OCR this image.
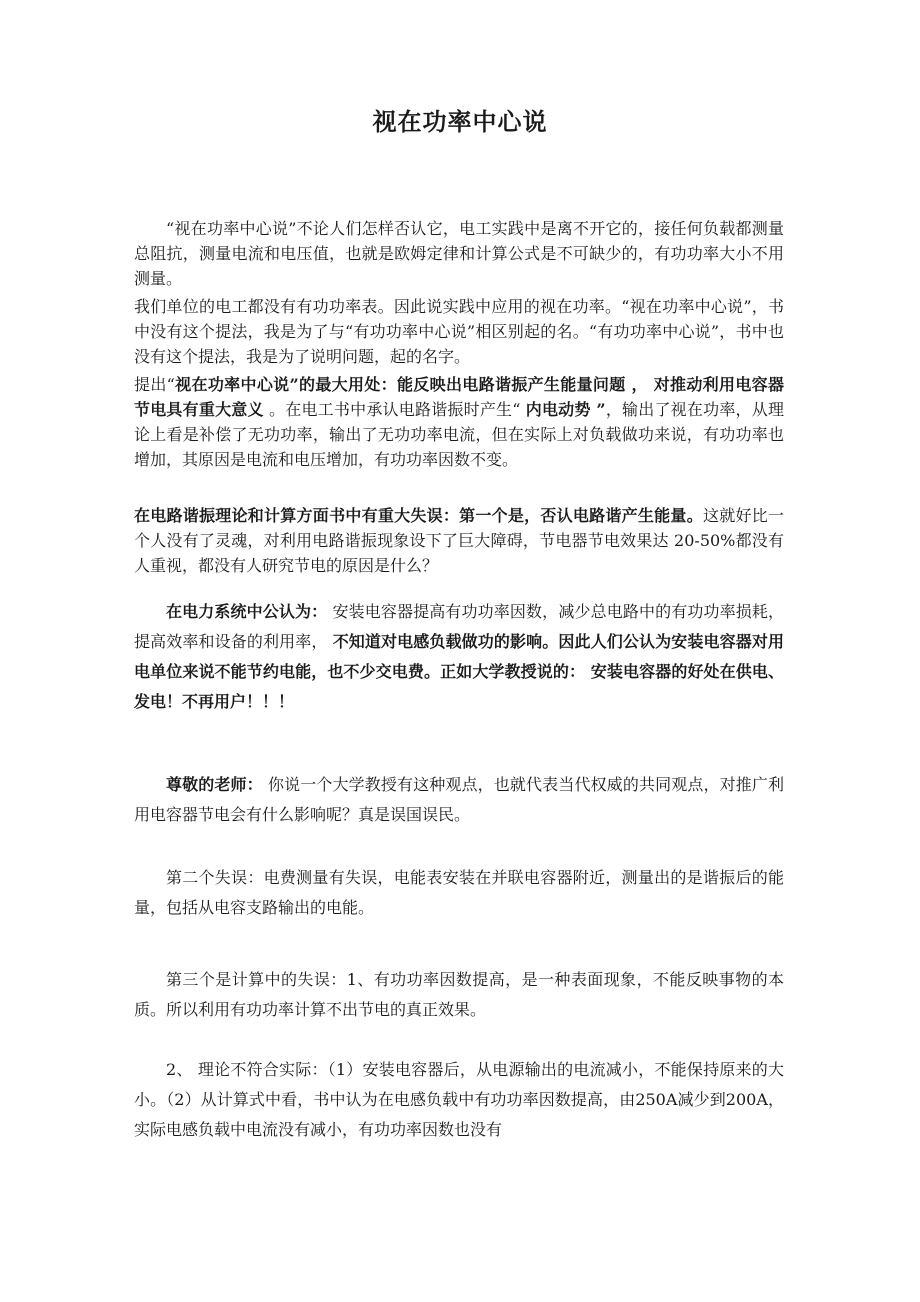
视在功率中心说

“视在功率中心说”不论人们怎样否认它，电工实践中是离不开它的，接任何负载都测量总阻抗，测量电流和电压值，也就是欧姆定律和计算公式是不可缺少的，有功功率大小不用测量。

我们单位的电工都没有有功功率表。因此说实践中应用的视在功率。“视在功率中心说”，书中没有这个提法，我是为了与“有功功率中心说”相区别起的名。“有功功率中心说”，书中也没有这个提法，我是为了说明问题，起的名字。

提出“视在功率中心说”的最大用处：能反映出电路谐振产生能量问题 ， 对推动利用电容器节电具有重大意义 。在电工书中承认电路谐振时产生“ 内电动势 ”，输出了视在功率，从理论上看是补偿了无功功率，输出了无功功率电流，但在实际上对负载做功来说，有功功率也增加，其原因是电流和电压增加，有功功率因数不变。

在电路谐振理论和计算方面书中有重大失误：第一个是，否认电路谐产生能量。这就好比一个人没有了灵魂，对利用电路谐振现象设下了巨大障碍，节电器节电效果达 20-50%都没有人重视，都没有人研究节电的原因是什么？

在电力系统中公认为： 安装电容器提高有功功率因数，减少总电路中的有功功率损耗，提高效率和设备的利用率， 不知道对电感负载做功的影响。因此人们公认为安装电容器对用电单位来说不能节约电能，也不少交电费。正如大学教授说的： 安装电容器的好处在供电、发电！不再用户！！！

尊敬的老师： 你说一个大学教授有这种观点，也就代表当代权威的共同观点，对推广利用电容器节电会有什么影响呢？真是误国误民。

第二个失误：电费测量有失误，电能表安装在并联电容器附近，测量出的是谐振后的能量，包括从电容支路输出的电能。

第三个是计算中的失误：1、有功功率因数提高，是一种表面现象，不能反映事物的本质。所以利用有功功率计算不出节电的真正效果。

2、 理论不符合实际：（1）安装电容器后，从电源输出的电流减小，不能保持原来的大小。（2）从计算式中看，书中认为在电感负载中有功功率因数提高，由250A减少到200A，实际电感负载中电流没有减小，有功功率因数也没有
